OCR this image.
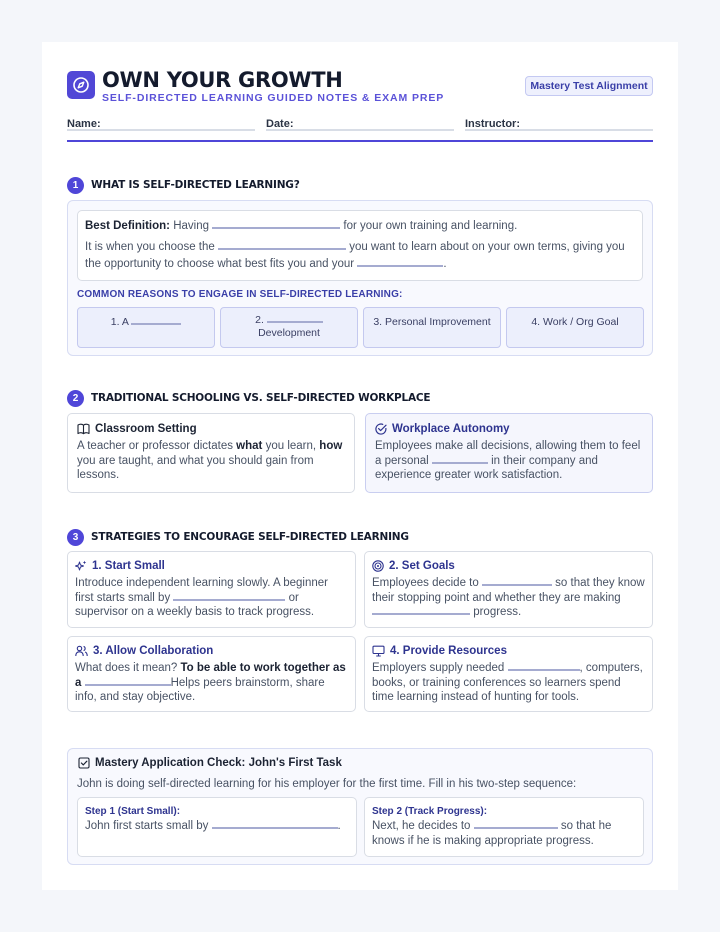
OWN YOUR GROWTH
SELF-DIRECTED LEARNING GUIDED NOTES & EXAM PREP
Mastery Test Alignment
Name:	Date:	Instructor:
1	WHAT IS SELF-DIRECTED LEARNING?
Best Definition: Having	for your own training and learning.
It is when you choose the	you want to learn about on your own terms, giving you
the opportunity to choose what best fits you and your	.
COMMON REASONS TO ENGAGE IN SELF-DIRECTED LEARNING:
1. A	2.
Development
3. Personal Improvement	4. Work / Org Goal
2	TRADITIONAL SCHOOLING VS. SELF-DIRECTED WORKPLACE
Classroom Setting
A teacher or professor dictates what you learn, how you are taught, and what you should gain from lessons.
Workplace Autonomy
Employees make all decisions, allowing them to feel a personal	in their company and experience greater work satisfaction.
3	STRATEGIES TO ENCOURAGE SELF-DIRECTED LEARNING
1. Start Small
Introduce independent learning slowly. A beginner first starts small by	or supervisor on a weekly basis to track progress.
2. Set Goals
Employees decide to	so that they know their stopping point and whether they are making  progress.
3. Allow Collaboration
What does it mean? To be able to work together as a	Helps peers brainstorm, share info, and stay objective.
4. Provide Resources
Employers supply needed	, computers, books, or training conferences so learners spend time learning instead of hunting for tools.
Mastery Application Check: John's First Task
John is doing self-directed learning for his employer for the first time. Fill in his two-step sequence:
Step 1 (Start Small):
John first starts small by	.
Step 2 (Track Progress):
Next, he decides to	so that he knows if he is making appropriate progress.
